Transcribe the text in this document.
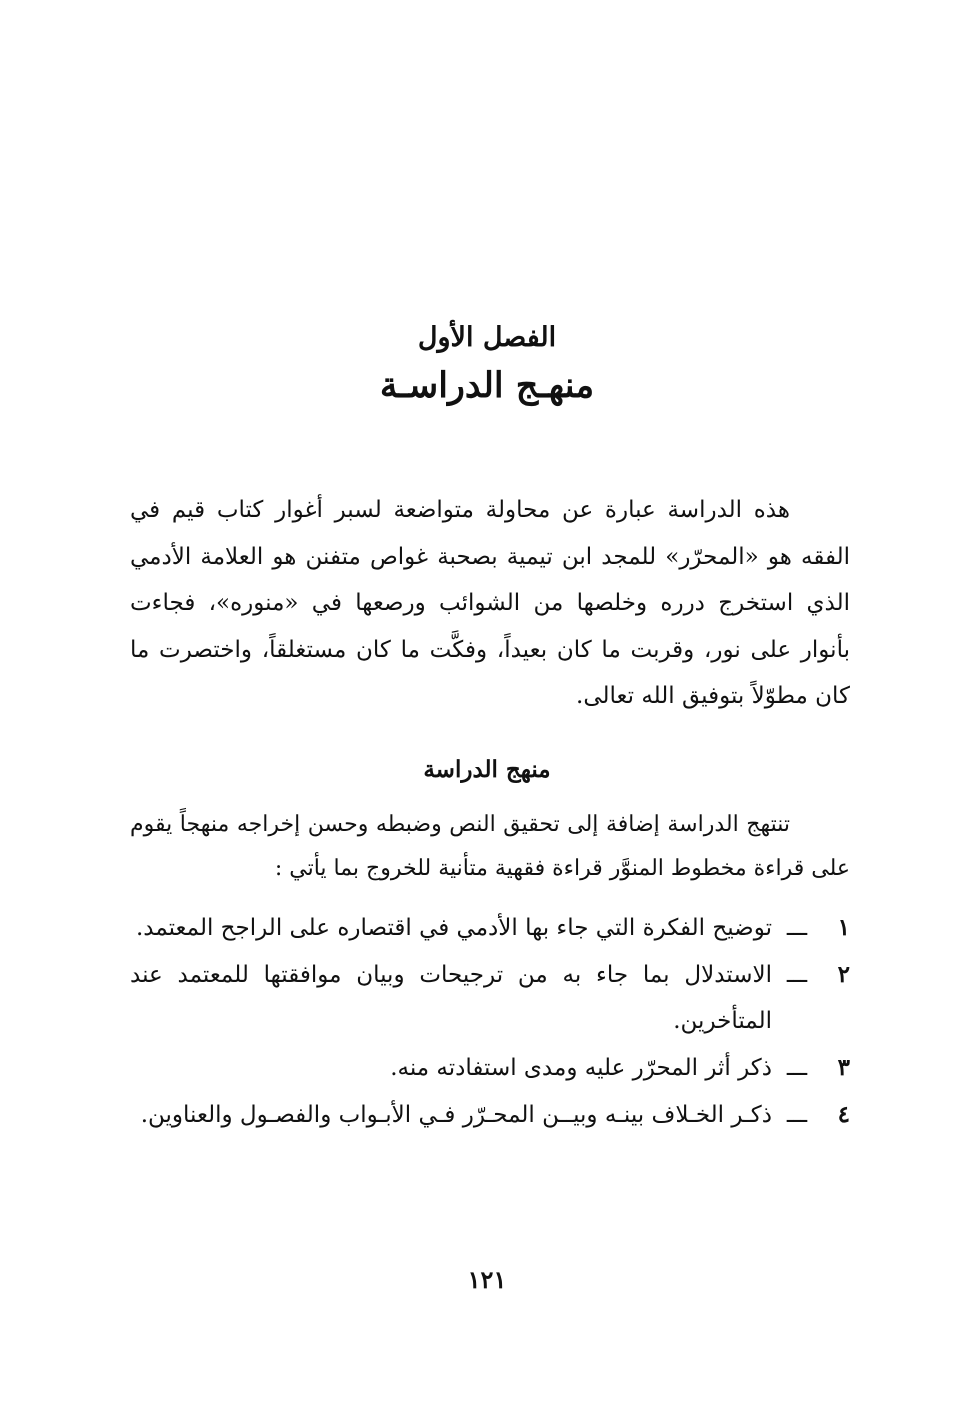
الفصل الأول
منهـج الدراسـة

هذه الدراسة عبارة عن محاولة متواضعة لسبر أغوار كتاب قيم في الفقه هو «المحرّر» للمجد ابن تيمية بصحبة غواص متفنن هو العلامة الأدمي الذي استخرج درره وخلصها من الشوائب ورصعها في «منوره»، فجاءت بأنوار على نور، وقربت ما كان بعيداً، وفكَّت ما كان مستغلقاً، واختصرت ما كان مطوّلاً بتوفيق الله تعالى.

منهج الدراسة

تنتهج الدراسة إضافة إلى تحقيق النص وضبطه وحسن إخراجه منهجاً يقوم على قراءة مخطوط المنوَّر قراءة فقهية متأنية للخروج بما يأتي :

١
ـــ
توضيح الفكرة التي جاء بها الأدمي في اقتصاره على الراجح المعتمد.
٢
ـــ
الاستدلال بما جاء به من ترجيحات وبيان موافقتها للمعتمد عند المتأخرين.
٣
ـــ
ذكر أثر المحرّر عليه ومدى استفادته منه.
٤
ـــ
ذكـر الخـلاف بينـه وبيــن المحـرّر فـي الأبـواب والفصـول والعناوين.
١٢١
